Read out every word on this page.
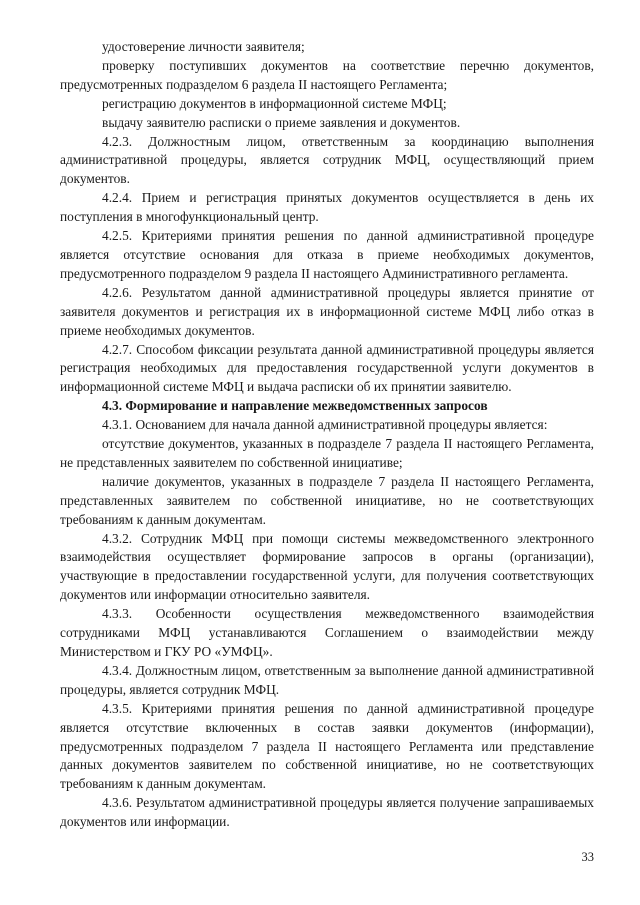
удостоверение личности заявителя;

проверку поступивших документов на соответствие перечню документов, предусмотренных подразделом 6 раздела II настоящего Регламента;

регистрацию документов в информационной системе МФЦ;

выдачу заявителю расписки о приеме заявления и документов.

4.2.3. Должностным лицом, ответственным за координацию выполнения административной процедуры, является сотрудник МФЦ, осуществляющий прием документов.

4.2.4. Прием и регистрация принятых документов осуществляется в день их поступления в многофункциональный центр.

4.2.5. Критериями принятия решения по данной административной процедуре является отсутствие основания для отказа в приеме необходимых документов, предусмотренного подразделом 9 раздела II настоящего Административного регламента.

4.2.6. Результатом данной административной процедуры является принятие от заявителя документов и регистрация их в информационной системе МФЦ либо отказ в приеме необходимых документов.

4.2.7. Способом фиксации результата данной административной процедуры является регистрация необходимых для предоставления государственной услуги документов в информационной системе МФЦ и выдача расписки об их принятии заявителю.

4.3. Формирование и направление межведомственных запросов

4.3.1. Основанием для начала данной административной процедуры является:

отсутствие документов, указанных в подразделе 7 раздела II настоящего Регламента, не представленных заявителем по собственной инициативе;

наличие документов, указанных в подразделе 7 раздела II настоящего Регламента, представленных заявителем по собственной инициативе, но не соответствующих требованиям к данным документам.

4.3.2. Сотрудник МФЦ при помощи системы межведомственного электронного взаимодействия осуществляет формирование запросов в органы (организации), участвующие в предоставлении государственной услуги, для получения соответствующих документов или информации относительно заявителя.

4.3.3. Особенности осуществления межведомственного взаимодействия сотрудниками МФЦ устанавливаются Соглашением о взаимодействии между Министерством и ГКУ РО «УМФЦ».

4.3.4. Должностным лицом, ответственным за выполнение данной административной процедуры, является сотрудник МФЦ.

4.3.5. Критериями принятия решения по данной административной процедуре является отсутствие включенных в состав заявки документов (информации), предусмотренных подразделом 7 раздела II настоящего Регламента или представление данных документов заявителем по собственной инициативе, но не соответствующих требованиям к данным документам.

4.3.6. Результатом административной процедуры является получение запрашиваемых документов или информации.

33
